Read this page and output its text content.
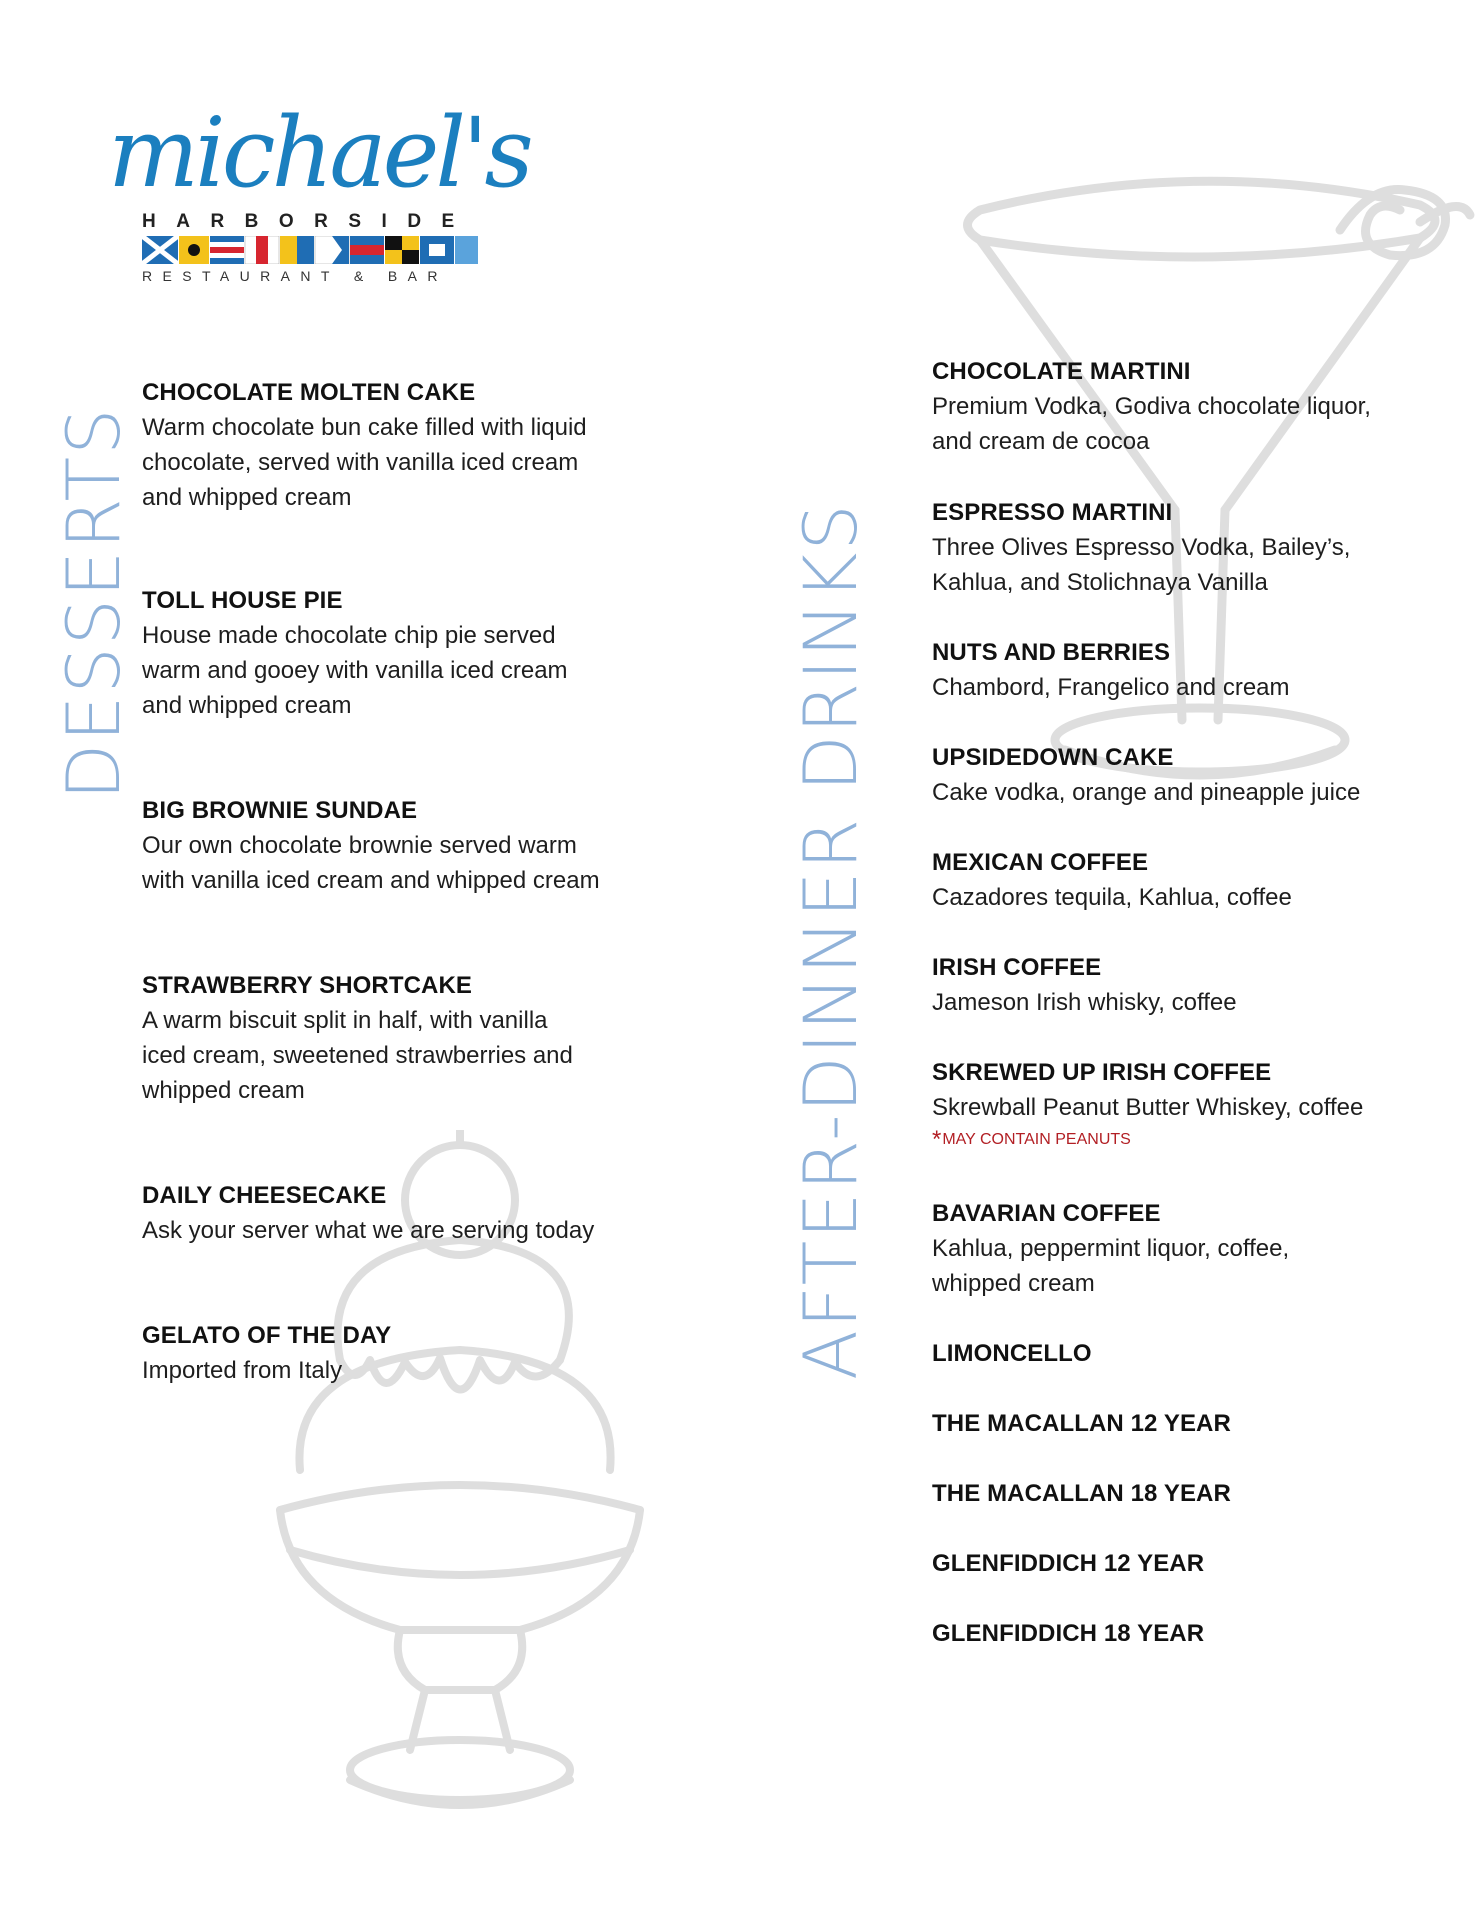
michael's
HARBORSIDE
RESTAURANT & BAR
DESSERTS	AFTER-DINNER DRINKS
CHOCOLATE MOLTEN CAKE
Warm chocolate bun cake filled with liquid
chocolate, served with vanilla iced cream
and whipped cream
TOLL HOUSE PIE
House made chocolate chip pie served
warm and gooey with vanilla iced cream
and whipped cream
BIG BROWNIE SUNDAE
Our own chocolate brownie served warm
with vanilla iced cream and whipped cream
STRAWBERRY SHORTCAKE
A warm biscuit split in half, with vanilla
iced cream, sweetened strawberries and
whipped cream
DAILY CHEESECAKE
Ask your server what we are serving today
GELATO OF THE DAY
Imported from Italy
CHOCOLATE MARTINI
Premium Vodka, Godiva chocolate liquor,
and cream de cocoa
ESPRESSO MARTINI
Three Olives Espresso Vodka, Bailey’s,
Kahlua, and Stolichnaya Vanilla
NUTS AND BERRIES
Chambord, Frangelico and cream
UPSIDEDOWN CAKE
Cake vodka, orange and pineapple juice
MEXICAN COFFEE
Cazadores tequila, Kahlua, coffee
IRISH COFFEE
Jameson Irish whisky, coffee
SKREWED UP IRISH COFFEE
Skrewball Peanut Butter Whiskey, coffee
*MAY CONTAIN PEANUTS
BAVARIAN COFFEE
Kahlua, peppermint liquor, coffee,
whipped cream
LIMONCELLO
THE MACALLAN 12 YEAR
THE MACALLAN 18 YEAR
GLENFIDDICH 12 YEAR
GLENFIDDICH 18 YEAR
